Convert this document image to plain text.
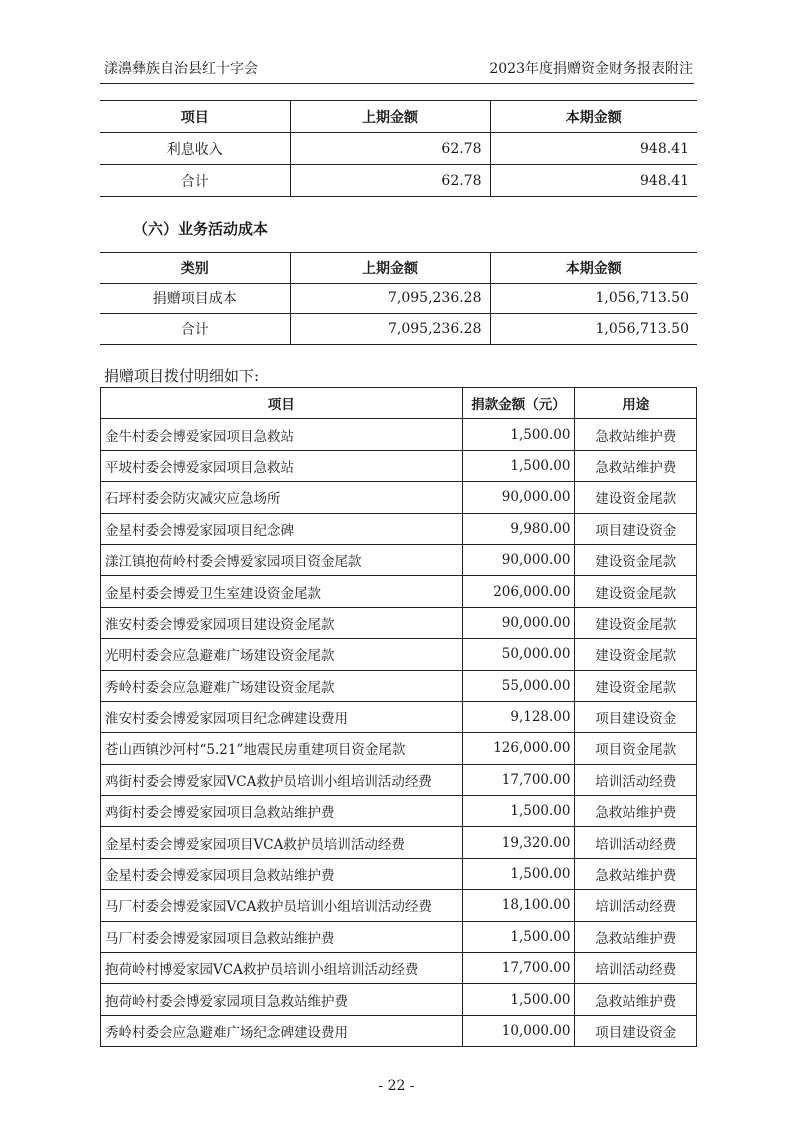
漾濞彝族自治县红十字会	2023年度捐赠资金财务报表附注
项目	上期金额	本期金额
利息收入	62.78	948.41
合计	62.78	948.41
（六）业务活动成本
类别	上期金额	本期金额
捐赠项目成本	7,095,236.28	1,056,713.50
合计	7,095,236.28	1,056,713.50
捐赠项目拨付明细如下:
项目	捐款金额（元）	用途
金牛村委会博爱家园项目急救站	1,500.00	急救站维护费
平坡村委会博爱家园项目急救站	1,500.00	急救站维护费
石坪村委会防灾减灾应急场所	90,000.00	建设资金尾款
金星村委会博爱家园项目纪念碑	9,980.00	项目建设资金
漾江镇抱荷岭村委会博爱家园项目资金尾款	90,000.00	建设资金尾款
金星村委会博爱卫生室建设资金尾款	206,000.00	建设资金尾款
淮安村委会博爱家园项目建设资金尾款	90,000.00	建设资金尾款
光明村委会应急避难广场建设资金尾款	50,000.00	建设资金尾款
秀岭村委会应急避难广场建设资金尾款	55,000.00	建设资金尾款
淮安村委会博爱家园项目纪念碑建设费用	9,128.00	项目建设资金
苍山西镇沙河村“5.21”地震民房重建项目资金尾款	126,000.00	项目资金尾款
鸡街村委会博爱家园VCA救护员培训小组培训活动经费	17,700.00	培训活动经费
鸡街村委会博爱家园项目急救站维护费	1,500.00	急救站维护费
金星村委会博爱家园项目VCA救护员培训活动经费	19,320.00	培训活动经费
金星村委会博爱家园项目急救站维护费	1,500.00	急救站维护费
马厂村委会博爱家园VCA救护员培训小组培训活动经费	18,100.00	培训活动经费
马厂村委会博爱家园项目急救站维护费	1,500.00	急救站维护费
抱荷岭村博爱家园VCA救护员培训小组培训活动经费	17,700.00	培训活动经费
抱荷岭村委会博爱家园项目急救站维护费	1,500.00	急救站维护费
秀岭村委会应急避难广场纪念碑建设费用	10,000.00	项目建设资金
- 22 -
